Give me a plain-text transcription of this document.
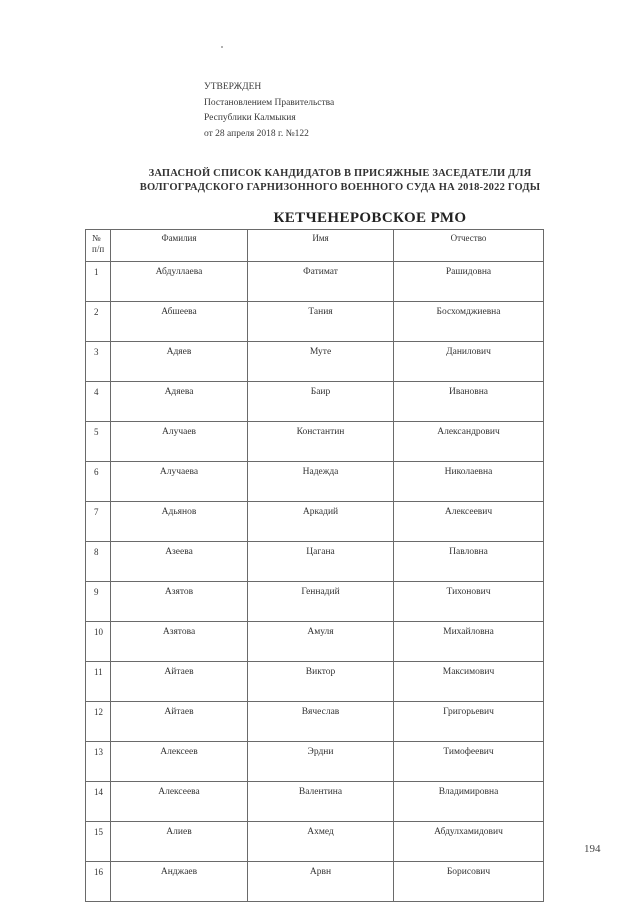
УТВЕРЖДЕН
Постановлением Правительства
Республики Калмыкия
от 28 апреля 2018 г. №122
ЗАПАСНОЙ СПИСОК КАНДИДАТОВ В ПРИСЯЖНЫЕ ЗАСЕДАТЕЛИ ДЛЯ
ВОЛГОГРАДСКОГО ГАРНИЗОННОГО ВОЕННОГО СУДА НА 2018-2022 ГОДЫ
КЕТЧЕНЕРОВСКОЕ РМО
№
п/п	Фамилия	Имя	Отчество
1	Абдуллаева	Фатимат	Рашидовна
2	Абшеева	Тания	Босхомджиевна
3	Адяев	Муте	Данилович
4	Адяева	Баир	Ивановна
5	Алучаев	Константин	Александрович
6	Алучаева	Надежда	Николаевна
7	Адьянов	Аркадий	Алексеевич
8	Азеева	Цагана	Павловна
9	Азятов	Геннадий	Тихонович
10	Азятова	Амуля	Михайловна
11	Айтаев	Виктор	Максимович
12	Айтаев	Вячеслав	Григорьевич
13	Алексеев	Эрдни	Тимофеевич
14	Алексеева	Валентина	Владимировна
15	Алиев	Ахмед	Абдулхамидович
16	Анджаев	Арвн	Борисович
194
